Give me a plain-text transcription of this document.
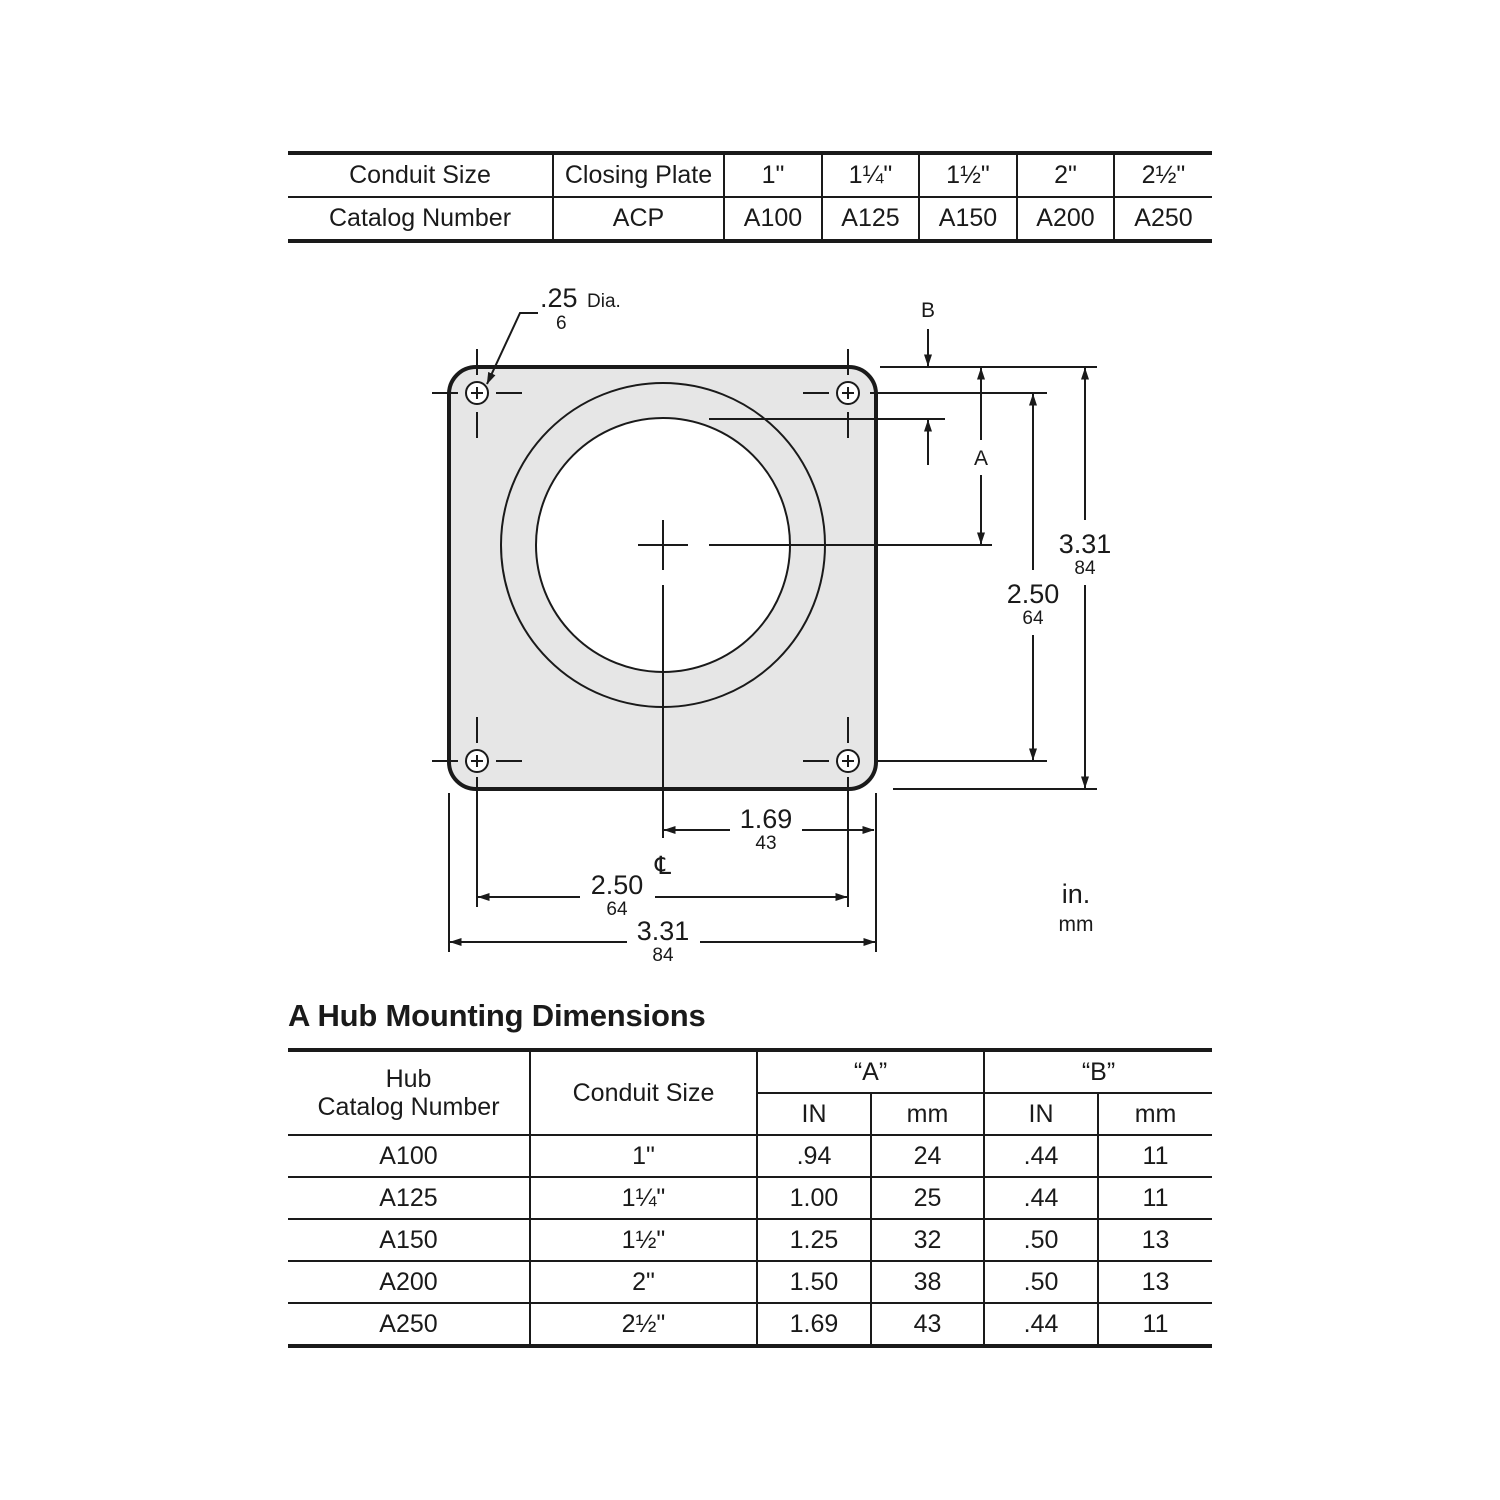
Conduit Size	Closing Plate	1"	1¼"	1½"	2"	2½"
Catalog Number	ACP	A100	A125	A150	A200	A250
.25 Dia.
6
B
A
2.50
64
3.31
84
1.69
43
℄
2.50
64
3.31
84
in.
mm
A Hub Mounting Dimensions
Hub
Catalog Number	Conduit Size	“A”		“B”	
		IN	mm	IN	mm
A100	1"	.94	24	.44	11
A125	1¼"	1.00	25	.44	11
A150	1½"	1.25	32	.50	13
A200	2"	1.50	38	.50	13
A250	2½"	1.69	43	.44	11
